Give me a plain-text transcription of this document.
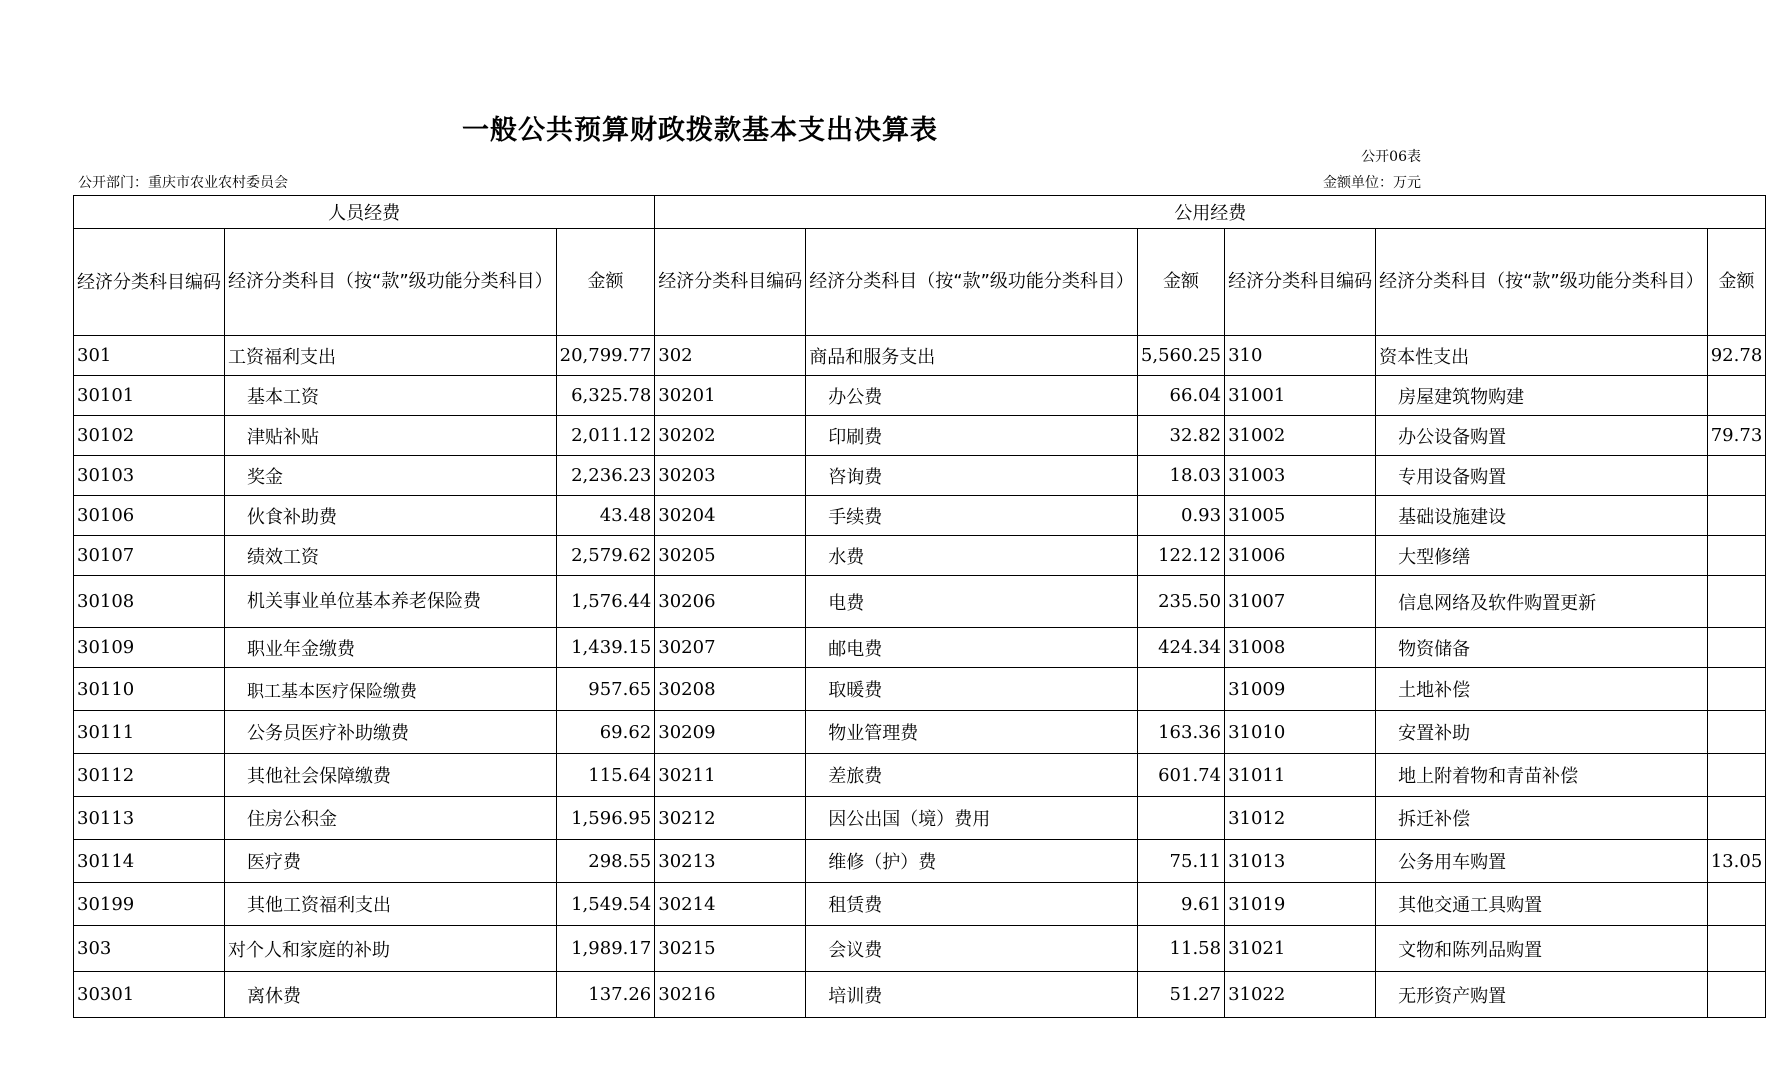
一般公共预算财政拨款基本支出决算表
公开06表
公开部门：重庆市农业农村委员会	金额单位：万元
人员经费			公用经费					
经济分类科目编码	经济分类科目（按“款”级功能分类科目）	金额	经济分类科目编码	经济分类科目（按“款”级功能分类科目）	金额	经济分类科目编码	经济分类科目（按“款”级功能分类科目）	金额
301	工资福利支出	20,799.77	302	商品和服务支出	5,560.25	310	资本性支出	92.78
30101	基本工资	6,325.78	30201	办公费	66.04	31001	房屋建筑物购建	
30102	津贴补贴	2,011.12	30202	印刷费	32.82	31002	办公设备购置	79.73
30103	奖金	2,236.23	30203	咨询费	18.03	31003	专用设备购置	
30106	伙食补助费	43.48	30204	手续费	0.93	31005	基础设施建设	
30107	绩效工资	2,579.62	30205	水费	122.12	31006	大型修缮	
30108	机关事业单位基本养老保险费	1,576.44	30206	电费	235.50	31007	信息网络及软件购置更新	
30109	职业年金缴费	1,439.15	30207	邮电费	424.34	31008	物资储备	
30110	职工基本医疗保险缴费	957.65	30208	取暖费		31009	土地补偿	
30111	公务员医疗补助缴费	69.62	30209	物业管理费	163.36	31010	安置补助	
30112	其他社会保障缴费	115.64	30211	差旅费	601.74	31011	地上附着物和青苗补偿	
30113	住房公积金	1,596.95	30212	因公出国（境）费用		31012	拆迁补偿	
30114	医疗费	298.55	30213	维修（护）费	75.11	31013	公务用车购置	13.05
30199	其他工资福利支出	1,549.54	30214	租赁费	9.61	31019	其他交通工具购置	
303	对个人和家庭的补助	1,989.17	30215	会议费	11.58	31021	文物和陈列品购置	
30301	离休费	137.26	30216	培训费	51.27	31022	无形资产购置	
